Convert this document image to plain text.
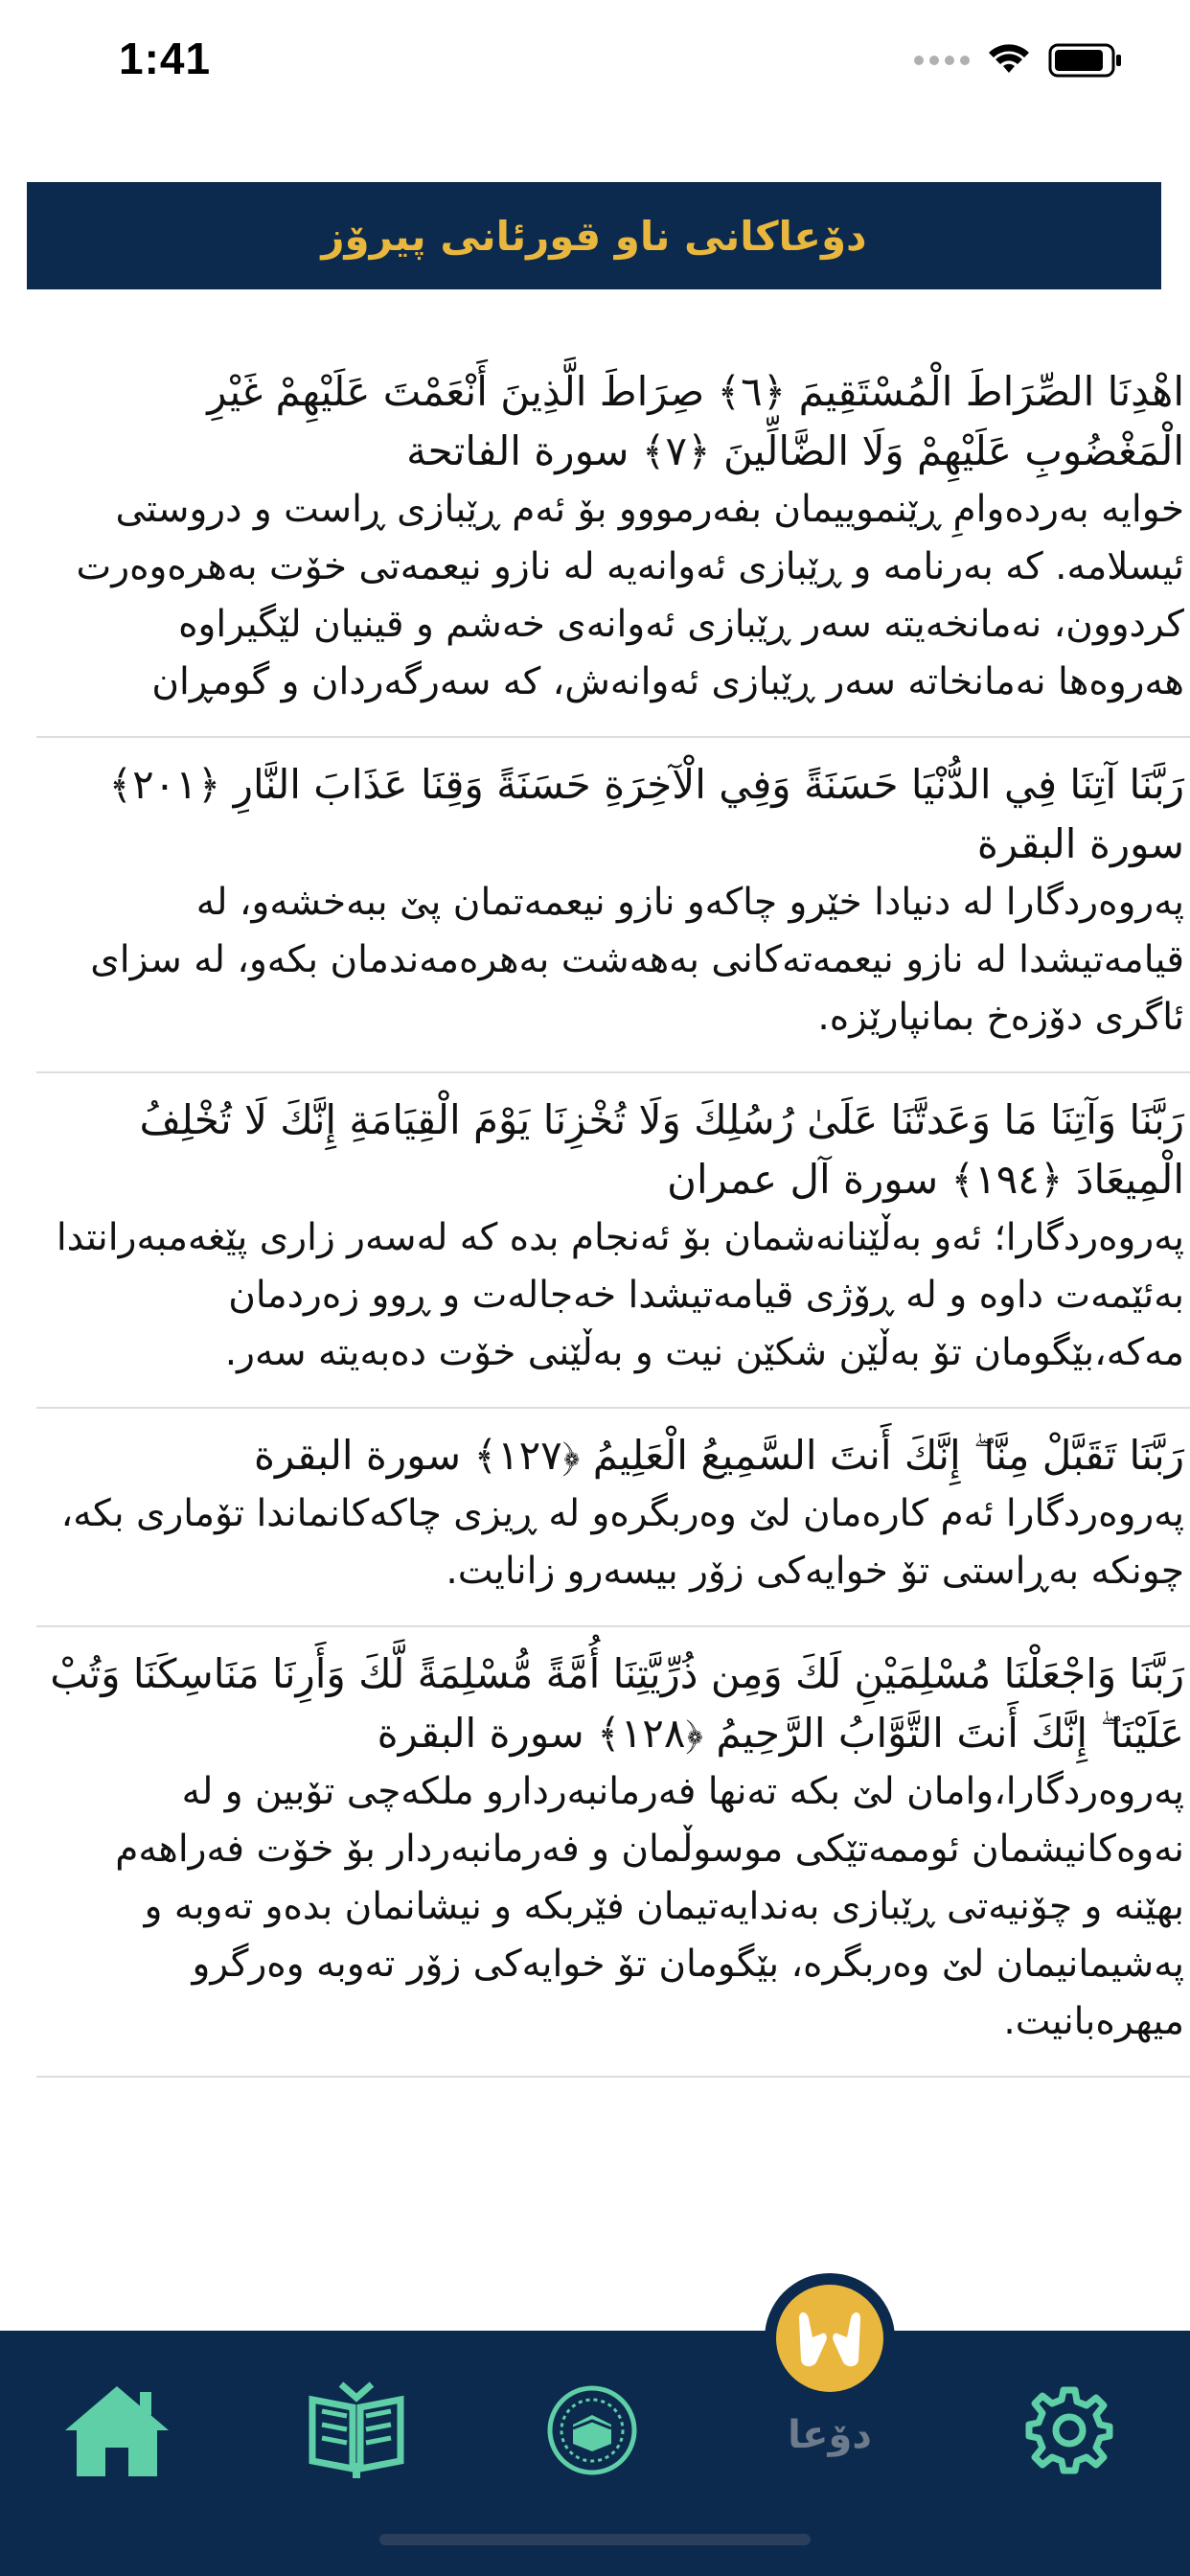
1:41
دۆعاکانی ناو قورئانی پیرۆز
اهْدِنَا الصِّرَاطَ الْمُسْتَقِيمَ ﴿٦﴾ صِرَاطَ الَّذِينَ أَنْعَمْتَ عَلَيْهِمْ غَيْرِ الْمَغْضُوبِ عَلَيْهِمْ وَلَا الضَّالِّينَ ﴿٧﴾ سورة الفاتحة
خوایە بەردەوامِ ڕێنموییمان بفەرمووو بۆ ئەم ڕێبازی ڕاست و دروستی ئیسلامە. کە بەرنامە و ڕێبازی ئەوانەیە لە نازو نیعمەتی خۆت بەهرەوەرت کردوون، نەمانخەیتە سەر ڕێبازی ئەوانەی خەشم و قینیان لێگیراوە هەروەها نەمانخاتە سەر ڕێبازی ئەوانەش، کە سەرگەردان و گومڕان
رَبَّنَا آتِنَا فِي الدُّنْيَا حَسَنَةً وَفِي الْآخِرَةِ حَسَنَةً وَقِنَا عَذَابَ النَّارِ ﴿٢٠١﴾ سورة البقرة
پەروەردگارا لە دنیادا خێرو چاکەو نازو نیعمەتمان پێ ببەخشەو، لە قیامەتیشدا لە نازو نیعمەتەکانی بەهەشت بەهرەمەندمان بکەو، لە سزای ئاگری دۆزەخ بمانپارێزە.
رَبَّنَا وَآتِنَا مَا وَعَدتَّنَا عَلَىٰ رُسُلِكَ وَلَا تُخْزِنَا يَوْمَ الْقِيَامَةِ إِنَّكَ لَا تُخْلِفُ الْمِيعَادَ ﴿١٩٤﴾ سورة آل عمران
پەروەردگارا؛ ئەو بەڵێنانەشمان بۆ ئەنجام بدە کە لەسەر زاری پێغەمبەرانتدا بەئێمەت داوە و لە ڕۆژی قیامەتیشدا خەجالەت و ڕوو زەردمان مەکە،بێگومان تۆ بەڵێن شکێن نیت و بەڵێنی خۆت دەبەیتە سەر.
رَبَّنَا تَقَبَّلْ مِنَّا ۖ إِنَّكَ أَنتَ السَّمِيعُ الْعَلِيمُ ﴿١٢٧﴾ سورة البقرة
پەروەردگارا ئەم کارەمان لێ وەربگرەو لە ڕیزی چاکەکانماندا تۆماری بکە، چونکە بەڕاستی تۆ خوایەکی زۆر بیسەرو زانایت.
رَبَّنَا وَاجْعَلْنَا مُسْلِمَيْنِ لَكَ وَمِن ذُرِّيَّتِنَا أُمَّةً مُّسْلِمَةً لَّكَ وَأَرِنَا مَنَاسِكَنَا وَتُبْ عَلَيْنَا ۖ إِنَّكَ أَنتَ التَّوَّابُ الرَّحِيمُ ﴿١٢٨﴾ سورة البقرة
پەروەردگارا،وامان لێ بکە تەنها فەرمانبەردارو ملکەچی تۆبین و لە نەوەکانیشمان ئوممەتێکی موسوڵمان و فەرمانبەردار بۆ خۆت فەراهەم بهێنە و چۆنیەتی ڕێبازی بەندایەتیمان فێربکە و نیشانمان بدەو تەوبە و پەشیمانیمان لێ وەربگرە، بێگومان تۆ خوایەکی زۆر تەوبە وەرگرو میهرەبانیت.
دۆعا
